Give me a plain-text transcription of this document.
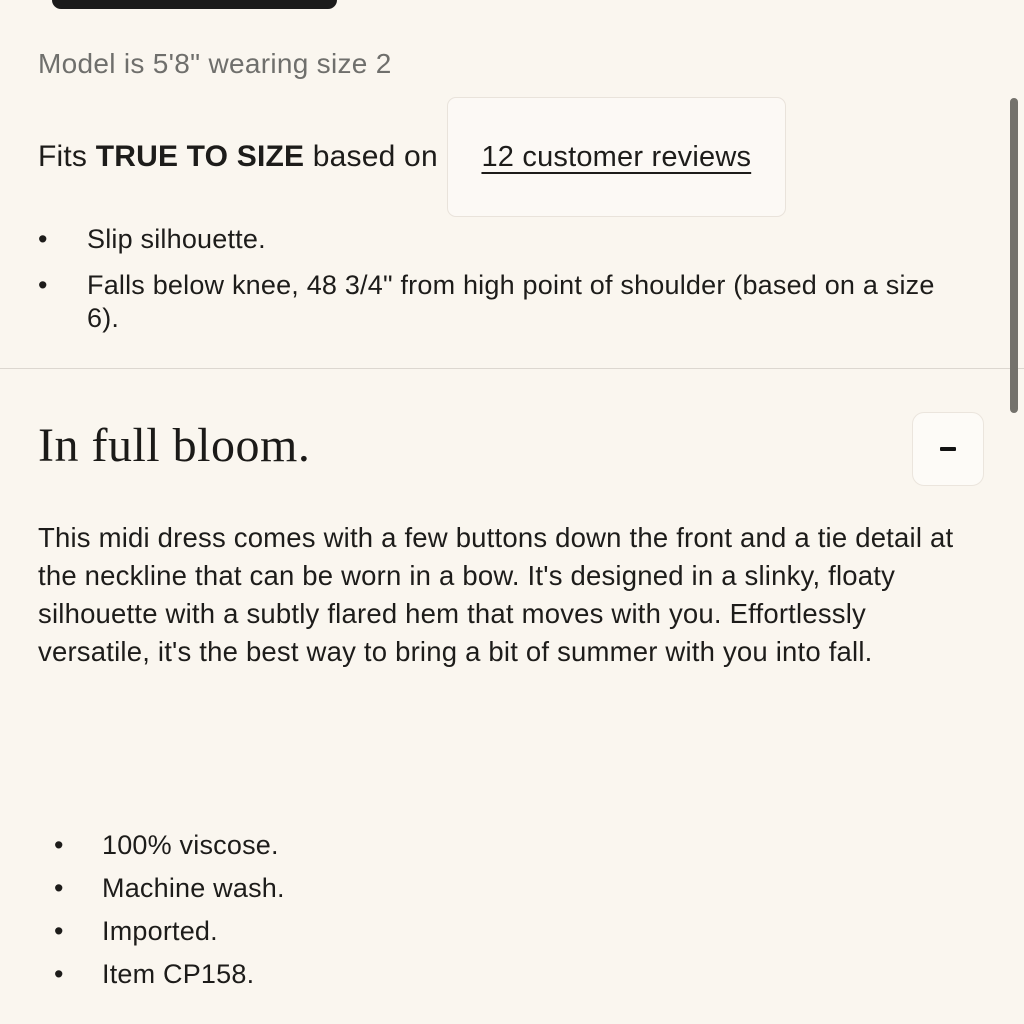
Model is 5'8" wearing size 2
Fits TRUE TO SIZE based on 12 customer reviews
• Slip silhouette.
• Falls below knee, 48 3/4" from high point of shoulder (based on a size 6).
In full bloom.

This midi dress comes with a few buttons down the front and a tie detail at the neckline that can be worn in a bow. It's designed in a slinky, floaty silhouette with a subtly flared hem that moves with you. Effortlessly versatile, it's the best way to bring a bit of summer with you into fall.

• 100% viscose.
• Machine wash.
• Imported.
• Item CP158.
